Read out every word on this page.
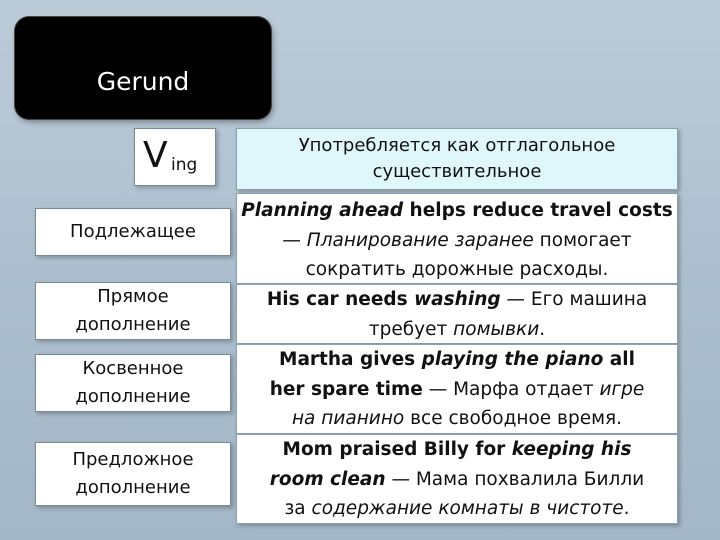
Gerund
V ing
Употребляется как отглагольное существительное
Подлежащее
Прямое дополнение
Косвенное дополнение
Предложное дополнение
Planning ahead helps reduce travel costs — Планирование заранее помогает сократить дорожные расходы.
His car needs washing — Его машина требует помывки.
Martha gives playing the piano all her spare time — Марфа отдает игре на пианино все свободное время.
Mom praised Billy for keeping his room clean — Мама похвалила Билли за содержание комнаты в чистоте.
